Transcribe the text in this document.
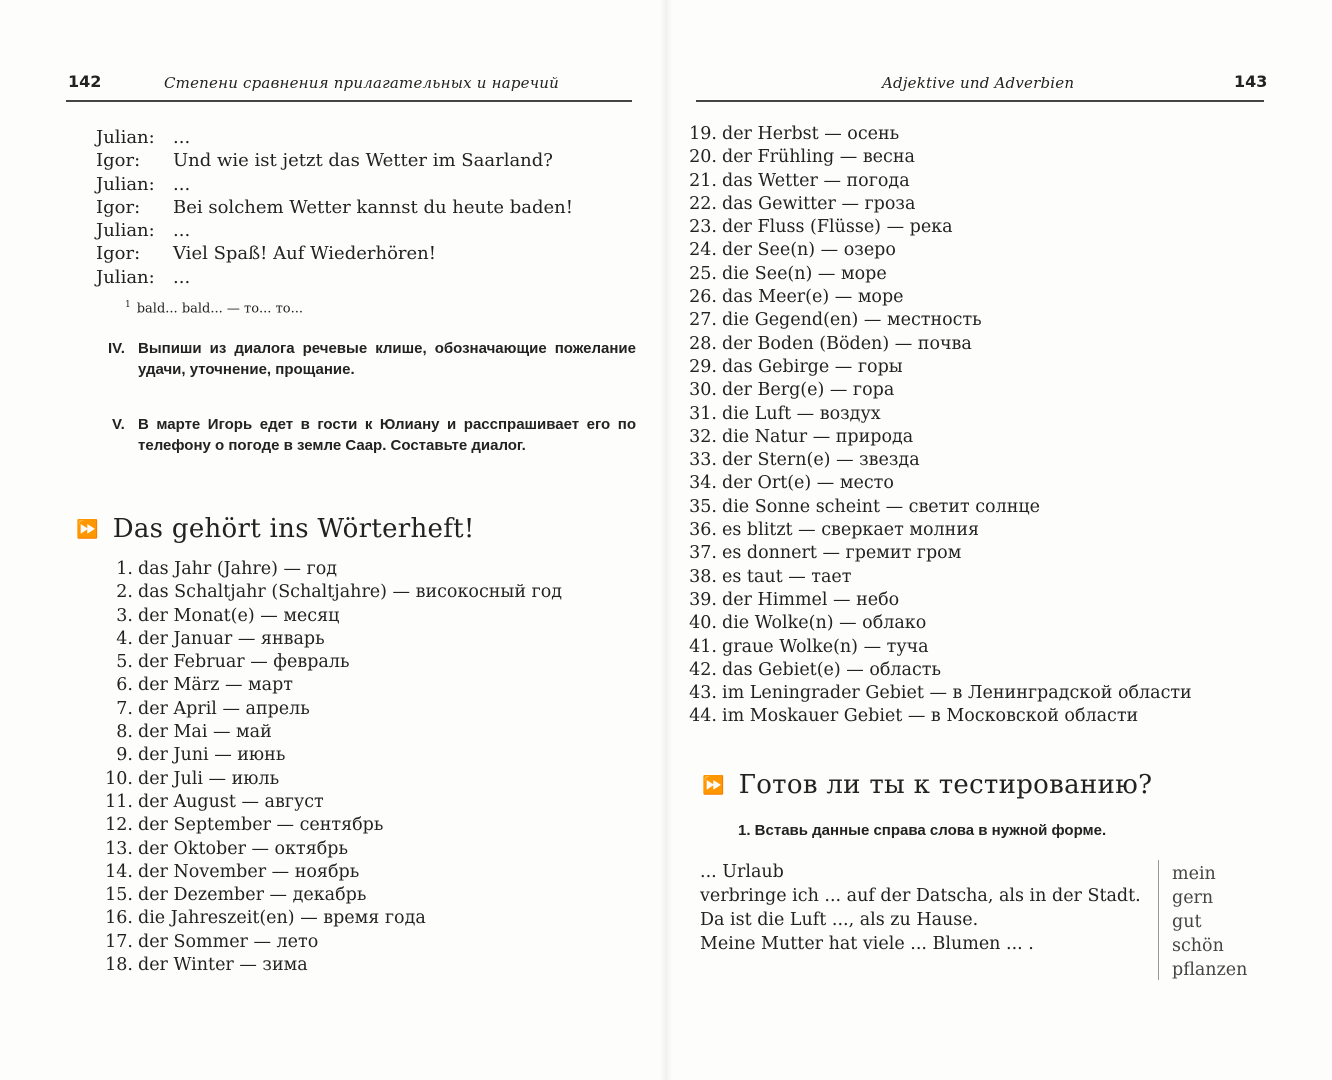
142	Степени сравнения прилагательных и наречий
Julian:	...
Igor:	Und wie ist jetzt das Wetter im Saarland?
Julian:	...
Igor:	Bei solchem Wetter kannst du heute baden!
Julian:	...
Igor:	Viel Spaß! Auf Wiederhören!
Julian:	...
$^1$ bald... bald... — то... то...
IV. Выпиши из диалога речевые клише, обозначающие пожелание удачи, уточнение, прощание.
V. В марте Игорь едет в гости к Юлиану и расспрашивает его по телефону о погоде в земле Саар. Составьте диалог.
⏩ Das gehört ins Wörterheft!
1. das Jahr (Jahre) — год
2. das Schaltjahr (Schaltjahre) — високосный год
3. der Monat(e) — месяц
4. der Januar — январь
5. der Februar — февраль
6. der März — март
7. der April — апрель
8. der Mai — май
9. der Juni — июнь
10. der Juli — июль
11. der August — август
12. der September — сентябрь
13. der Oktober — октябрь
14. der November — ноябрь
15. der Dezember — декабрь
16. die Jahreszeit(en) — время года
17. der Sommer — лето
18. der Winter — зима
Adjektive und Adverbien	143
19. der Herbst — осень
20. der Frühling — весна
21. das Wetter — погода
22. das Gewitter — гроза
23. der Fluss (Flüsse) — река
24. der See(n) — озеро
25. die See(n) — море
26. das Meer(e) — море
27. die Gegend(en) — местность
28. der Boden (Böden) — почва
29. das Gebirge — горы
30. der Berg(e) — гора
31. die Luft — воздух
32. die Natur — природа
33. der Stern(e) — звезда
34. der Ort(e) — место
35. die Sonne scheint — светит солнце
36. es blitzt — сверкает молния
37. es donnert — гремит гром
38. es taut — тает
39. der Himmel — небо
40. die Wolke(n) — облако
41. graue Wolke(n) — туча
42. das Gebiet(e) — область
43. im Leningrader Gebiet — в Ленинградской области
44. im Moskauer Gebiet — в Московской области
⏩ Готов ли ты к тестированию?
1. Вставь данные справа слова в нужной форме.
... Urlaub
verbringe ich ... auf der Datscha, als in der Stadt.
Da ist die Luft ..., als zu Hause.
Meine Mutter hat viele ... Blumen ... .
mein
gern
gut
schön
pflanzen
